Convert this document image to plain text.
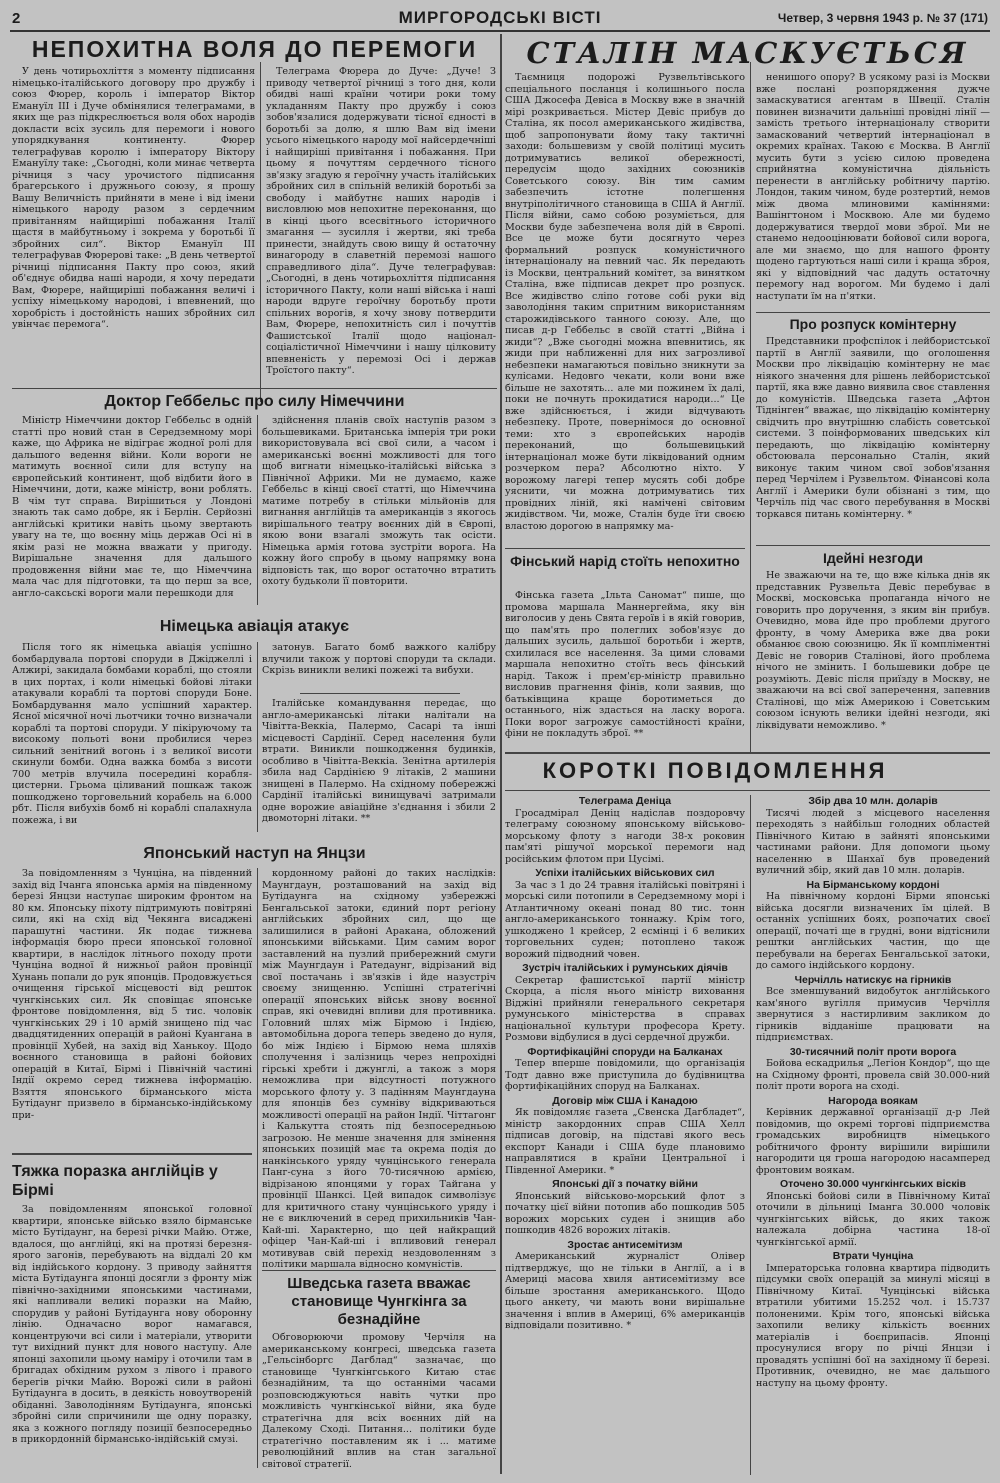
2	МИРГОРОДСЬКІ ВІСТІ	Четвер, 3 червня 1943 р. № 37 (171)
НЕПОХИТНА ВОЛЯ ДО ПЕРЕМОГИ

У день чотирьохліття з моменту підписання німецько-італійського договору про дружбу і союз Фюрер, король і імператор Віктор Емануїл III і Дуче обмінялися телеграмами, в яких ще раз підкреслюється воля обох народів докласти всіх зусиль для перемоги і нового упорядкування континенту. Фюрер телеграфував королю і імператору Віктору Емануїлу таке: „Сьогодні, коли минає четверта річниця з часу урочистого підписання брагерського і дружнього союзу, я прошу Вашу Величність прийняти в мене і від імени німецького народу разом з сердечним привітанням найщиріші побажання Італії щастя в майбутньому і зокрема у боротьбі її збройних сил“. Віктор Емануїл III телеграфував Фюрерові таке: „В день четвертої річниці підписання Пакту про союз, який об'єднує обидва наші народи, я хочу передати Вам, Фюрере, найщиріші побажання величі і успіху німецькому народові, і впевнений, що хоробрість і достойність наших збройних сил увінчає перемога“.

Телеграма Фюрера до Дуче: „Дуче! З приводу четвертої річниці з того дня, коли обидві наші країни чотири роки тому укладанням Пакту про дружбу і союз зобов'язалися додержувати тісної єдності в боротьбі за долю, я шлю Вам від імени усього німецького народу мої найсердечніші і найщиріші привітання і побажання. При цьому я почуттям сердечного тісного зв'язку згадую я героїчну участь італійських збройних сил в спільній великій боротьбі за свободу і майбутнє наших народів і висловлюю мов непохитне переконання, що в кінці цього всесвітнього історичного змагання — зусилля і жертви, які треба принести, знайдуть свою вищу й остаточну винагороду в славетній перемозі нашого справедливого діла“. Дуче телеграфував: „Сьогодні, в день чотирьохліття підписання історичного Пакту, коли наші війська і наші народи вдруге героїчну боротьбу проти спільних ворогів, я хочу знову потвердити Вам, Фюрере, непохитність сил і почуттів Фашистської Італії щодо націонал-соціалістичної Німеччини і нашу цілковиту впевненість у перемозі Осі і держав Троїстого пакту“.

Доктор Геббельс про силу Німеччини

Міністр Німеччини доктор Геббельс в одній статті про новий стан в Середземному морі каже, що Африка не відіграє жодної ролі для дальшого ведення війни. Коли вороги не матимуть воєнної сили для вступу на європейський континент, щоб відбити його в Німеччини, доти, каже міністр, вони роблять. В чім тут справа. Вирішиться у Лондоні знають так само добре, як і Берлін. Серйозні англійські критики навіть цьому звертають увагу на те, що воєнну міць держав Осі ні в якім разі не можна вважати у пригоду. Вирішальне значення для дальшого продовження війни має те, що Німеччина мала час для підготовки, та що перш за все, англо-саксьскі вороги мали перешкоди для

здійснення планів своїх наступів разом з большевиками. Британська імперія три роки використовувала всі свої сили, а часом і американські воєнні можливості для того щоб вигнати німецько-італійські війська з Північної Африки. Ми не думаємо, каже Геббельс в кінці своєї статті, що Німеччина матиме потребу в стільки мільйонів для вигнання англійців та американців з якогось вирішального театру воєнних дій в Європі, якою вони взагалі зможуть так осісти. Німецька армія готова зустріти ворога. На кожну його спробу в цьому напрямку вона відповість так, що ворог остаточно втратить охоту будьколи її повторити.

Німецька авіація атакує

Після того як німецька авіація успішно бомбардувала портові споруди в Джіджеллі і Алжирі, закидала бомбами кораблі, що стояли в цих портах, і коли німецькі бойові літаки атакували кораблі та портові споруди Боне. Бомбардування мало успішний характер. Ясної місячної ночі льотчики точно визначали кораблі та портові споруди. У пікіруючому та високому польоті вони пробилися через сильний зенітний вогонь і з великої висоти скинули бомби. Одна важка бомба з висоти 700 метрів влучила посередині корабля-цистерни. Грьома ціливаний пошкаж також пошкоджено торговельний корабель на 6.000 рбт. Після вибухів бомб ні кораблі спалахнула пожежа, і ви

затонув. Багато бомб важкого калібру влучили також у портові споруди та склади. Скрізь виникли великі пожежі та вибухи.

Італійське командування передає, що англо-американські літаки налітали на Чівітта-Веккіа, Палермо, Сасарі та інші місцевості Сардінії. Серед населення були втрати. Виникли пошкодження будинків, особливо в Чівітта-Веккіа. Зенітна артилерія збила над Сардінією 9 літаків, 2 машини знищені в Палермо. На східному побережжі Сардінії італійські винищувачі затримали одне ворожие авіаційне з'єднання і збили 2 двомоторні літаки. **

Японський наступ на Янцзи

За повідомленням з Чунціна, на південний захід від Ічанга японська армія на південному березі Янцзи наступає широким фронтом на 80 км. Японську піхоту підтримують повітряні сили, які на схід від Чекянга висаджені парашутні частини. Як подає тижнева інформація бюро преси японської головної квартири, в наслідок літнього походу проти Чунціна водної й нижньої район провінції Хунань попали до рук японців. Продовжується очищення гірської місцевості від решток чунгкінських сил. Як сповіщає японське фронтове повідомлення, від 5 тис. чоловік чунгкінських 29 і 10 армій знищено під час двадцятиденних операцій в районі Куангана в провінції Хубей, на захід від Ханькоу. Щодо воєнного становища в районі бойових операцій в Китаї, Бірмі і Північній частині Індії окремо серед тижнева інформацію. Взяття японського бірманського міста Бутідаунг призвело в бірмансько-індійському при-

кордонному районі до таких наслідків: Маунгдаун, розташований на захід від Бутідаунга на східному узбережжі Бенгальської затоки, єдиний порт регіону англійських збройних сил, що ще залишилися в районі Аракана, обложений японськими військами. Цим самим ворог заставлений на пузлий прибережний смуги між Маунгдаун і Ратедаунг, відрізаний від свої постачань і зв'язків і йде назустріч своєму знищенню. Успішні стратегічні операції японських військ знову воєнної справ, які очевидні впливи для противника. Головний шлях між Бірмою і Індією, автомобільна дорога теперь зведено до нуля, бо між Індією і Бірмою нема шляхів сполучення і залізниць через непрохідні гірські хребти і джунглі, а також з моря неможлива при відсутності потужного морського флоту у. З падінням Маунгдауна для японців без сумніву відкриваються можливості операції на район Індії. Чіттагонг і Калькутта стоять під безпосередньою загрозою. Не менше значення для змінення японських позицій має та окрема подія до нанкінського уряду чунцінського генерала Панг-суна з його 70-тисячною армією, відрізаною японцями у горах Тайгана у провінції Шанксі. Цей випадок символізує для критичного стану чунцінського уряду і не є виключений в серед прихильників Чан-Кай-ші. Характерно, що цей найкращий офіцер Чан-Кай-ші і впливовий генерал мотивував свій перехід нездоволенням з політики маршала відносно комуністів.

Тяжка поразка англійців у Бірмі

За повідомленням японської головної квартири, японське військо взяло бірманське місто Бутідаунг, на березі річки Майю. Отже, вдалося, що англійці, які на протязі березня-ярого загонів, перебувають на віддалі 20 км від індійського кордону. З приводу зайняття міста Бутідаунга японці досягли з фронту між північно-західними японськими частинами, які напливали великі поразки на Майю, спорудив у районі Бутідаунга нову оборонну лінію. Одначасно ворог намагався, концентруючи всі сили і матеріали, утворити тут вихідний пункт для нового наступу. Але японці захопили цьому наміру і оточили там в бригадах обхідним рухом з лівого і правого берегів річки Майю. Ворожі сили в районі Бутідаунга в досить, в деякість новоутвореній обіданні. Заволодінням Бутідаунга, японські збройні сили спричинили ще одну поразку, яка з кожного погляду позиції безпосередньо в прикордонній бірмансько-індійській смузі.

Шведська газета вважає становище Чунгкінга за безнадійне

Обговорюючи промову Черчіля на американському конгресі, шведська газета „Гельсінборгс Дагблад“ зазначає, що становище Чунгкінгського Китаю стає безнадійним, та що останніми часами розповсюджуються навіть чутки про можливість чунгкінської війни, яка буде стратегічна для всіх воєнних дій на Далекому Сході. Питання... політики буде стратегічно поставленим як і ... матиме революційний вплив на стан загальної світової стратегії.

СТАЛІН МАСКУЄТЬСЯ

Таємниця подорожі Рузвельтівського спеціального посланця і колишнього посла США Джосефа Девіса в Москву вже в значній мірі розкривається. Містер Девіс прибув до Сталіна, як посол американського жидівства, щоб запропонувати йому таку тактичні заходи: большевизм у своїй політиці мусить дотримуватись великої обережності, передусім щодо західних союзників Советського союзу. Він тим самим забезпечить істотне полегшення внутріполітичного становища в США й Англії. Після війни, само собою розуміється, для Москви буде забезпечена воля дій в Європі. Все це може бути досягнуто через формальний розпуск комуністичного інтернаціоналу на певний час. Як передають із Москви, центральний комітет, за винятком Сталіна, вже підписав декрет про розпуск. Все жидівство сліпо готове собі руки від заволодіння таким спритним використанням старожидівського танного союзу. Але, що писав д-р Геббельс в своїй статті „Війна і жиди“? „Вже сьогодні можна впевнитись, як жиди при наближенні для них загрозливої небезпеки намагаються повільно зникнути за кулісами. Недовго чекати, коли вони вже більше не захотять... але ми пожинем їх далі, поки не почнуть прокидатися народи...“ Це вже здійснюється, і жиди відчувають небезпеку. Проте, повернімося до основної теми: хто з європейських народів переконаний, що большевицький інтернаціонал може бути ліквідований одним розчерком пера? Абсолютно ніхто. У ворожому лагері тепер мусять собі добре уяснити, чи можна дотримуватись тих провідних ліній, які намічені світовим жидівством. Чи, може, Сталін буде їти своєю властою дорогою в напрямку ма-

ненишого опору? В усякому разі із Москви вже послані розпорядження дужче замаскуватися агентам в Швеції. Сталін повинен визначити дальніші провідні лінії — замість третього інтернаціоналу створити замаскований четвертий інтернаціонал в окремих країнах. Такою є Москва. В Англії мусить бути з усією силою проведена сприйнятна комуністична діяльність перенести в англійську робітничу партію. Лондон, таким чином, буде розтертий, немов між двома млиновими каміннями: Вашінгтоном і Москвою. Але ми будемо додержуватися твердої мови зброї. Ми не станемо недооцінювати бойової сили ворога, але ми знаємо, що для нашого фронту щодено гартуються наші сили і краща зброя, які у відповідний час дадуть остаточну перемогу над ворогом. Ми будемо і далі наступати їм на п'ятки.

Про розпуск комінтерну

Представники профспілок і лейбористської партії в Англії заявили, що оголошення Москви про ліквідацію комінтерну не має ніякого значення для рішень лейбористської партії, яка вже давно виявила своє ставлення до комуністів. Шведська газета „Афтон Тіднінген“ вважає, що ліквідацію комінтерну свідчить про внутрішню слабість советської системи. З поінформованих шведських кіл передають, що ліквідацію комінтерну обстоювала персонально Сталін, який виконує таким чином свої зобов'язання перед Черчілем і Рузвельтом. Фінансові кола Англії і Америки були обізнані з тим, що Черчіль під час свого перебування в Москві торкався питань комінтерну. *

Фінський нарід стоїть непохитно

Фінська газета „Ільта Саномат“ пише, що промова маршала Маннергейма, яку він виголосив у день Свята героїв і в якій говорив, що пам'ять про полеглих зобов'язує до дальших зусиль, дальшої боротьби і жертв, схилилася все населення. За цими словами маршала непохитно стоїть весь фінський нарід. Також і прем'єр-міністр правильно висловив прагнення фінів, коли заявив, що батьківщина краще боротиметься до останнього, ніж здасться на ласку ворога. Поки ворог загрожує самостійності країни, фіни не покладуть зброї. **

Ідейні незгоди

Не зважаючи на те, що вже кілька днів як представник Рузвельта Девіс перебуває в Москві, московська пропаганда нічого не говорить про доручення, з яким він прибув. Очевидно, мова йде про проблеми другого фронту, в чому Америка вже два роки обманює свою союзницю. Як її компліментні Девіс не говорив Сталінові, його проблема нічого не змінить. І большевики добре це розуміють. Девіс після приїзду в Москву, не зважаючи на всі свої заперечення, запевнив Сталінові, що між Америкою і Советським союзом існують велики ідейні незгоди, які ліквідувати неможливо. *

КОРОТКІ ПОВІДОМЛЕННЯ
Телеграма Деніца

Гросадмірал Деніц надіслав поздоровчу телеграму союзному японському військово-морському флоту з нагоди 38-х роковин пам'яті рішучої морської перемоги над російським флотом при Цусімі.

Успіхи італійських військових сил

За час з 1 до 24 травня італійські повітряні і морські сили потопили в Середземному морі і Атлантичному океані понад 80 тис. тонн англо-американського тоннажу. Крім того, ушкоджено 1 крейсер, 2 есмінці і 6 великих торговельних суден; потоплено також ворожий підводний човен.

Зустріч італійських і румунських діячів

Секретар фашистської партії міністр Скорца, а після нього міністр виховання Віджіні прийняли генерального секретаря румунського міністерства в справах національної культури професора Крету. Розмови відбулися в дусі сердечної дружби.

Фортифікаційні споруди на Балканах

Тепер вперше повідомили, що організація Тодт давно вже приступила до будівництва фортифікаційних споруд на Балканах.

Договір між США і Канадою

Як повідомляє газета „Свенска Дагбладет“, міністр закордонних справ США Хелл підписав договір, на підставі якого весь експорт Канади і США буде плановимо направлятися в країни Центральної і Південної Америки. *

Японські дії з початку війни

Японський військово-морський флот з початку цієї війни потопив або пошкодив 505 ворожих морських суден і знищив або пошкодив 4826 ворожих літаків.

Зростає антисемітизм

Американський журналіст Олівер підтверджує, що не тільки в Англії, а і в Америці масова хвиля антисемітизму все більше зростання американського. Щодо цього анкету, чи мають вони вирішальне значення і вплив в Америці, 6% американців відповідали позитивно. *

Збір два 10 млн. доларів

Тисячі людей з місцевого населення переходять з найбільш голодних областей Північного Китаю в зайняті японськими частинами райони. Для допомоги цьому населенню в Шанхаї був проведений вуличний збір, який дав 10 млн. доларів.

На Бірманському кордоні

На північному кордоні Бірми японські війська досягли визначених їм цілей. В останніх успішних боях, розпочатих своєї операції, початі ще в грудні, вони відтіснили рештки англійських частин, що ще перебували на берегах Бенгальської затоки, до самого індійського кордону.

Черчілль натискує на гірників

Все зменшуваний видобуток англійського кам'яного вугілля примусив Черчілля звернутися з настирливим закликом до гірників відданіше працювати на підприємствах.

30-тисячний політ проти ворога

Бойова ескадрилья „Легіон Кондор“, що ще на Східному фронті, провела свій 30.000-ний політ проти ворога на сході.

Нагорода воякам

Керівник державної організації д-р Лей повідомив, що окремі торгові підприємства громадських виробництв німецького робітничого фронту вирішили вирішили нагородити ця гроша нагородою насамперед фронтовим воякам.

Оточено 30.000 чунгкінгських вісків

Японські бойові сили в Північному Китаї оточили в дільниці Іманга 30.000 чоловік чунгкінгських військ, до яких також належала добірна частина 18-ої чунгкінгської армії.

Втрати Чунціна

Імператорська головна квартира підводить підсумки своїх операцій за минулі місяці в Північному Китаї. Чунцінські війська втратили убитими 15.252 чол. і 15.737 полоненими. Крім того, японські війська захопили велику кількість воєнних матеріалів і боєприпасів. Японці просунулися вгору по річці Янцзи і провадять успішні бої на західному її березі. Противник, очевидно, не має дальшого наступу на цьому фронту.
